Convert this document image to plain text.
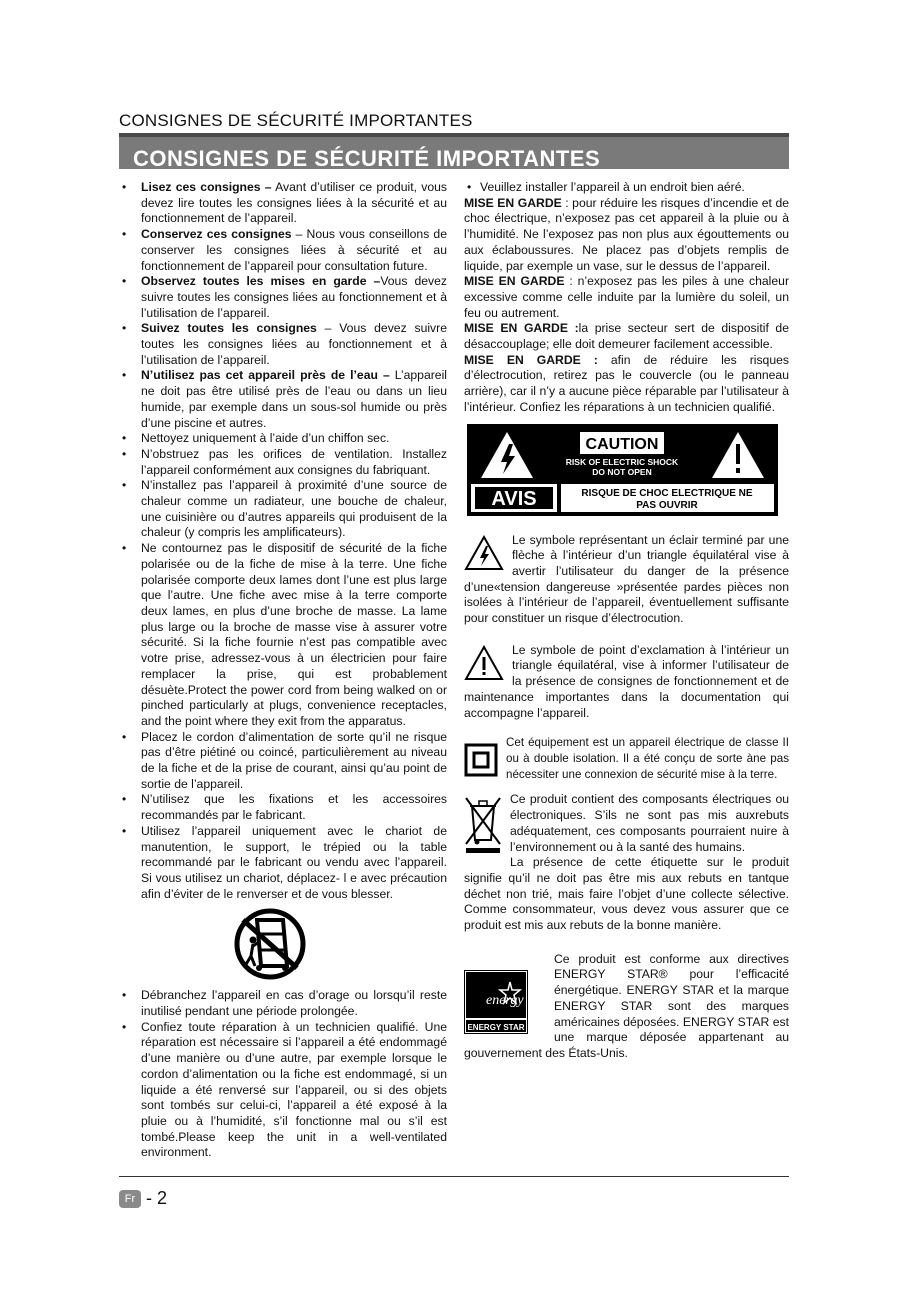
CONSIGNES DE SÉCURITÉ IMPORTANTES
CONSIGNES DE SÉCURITÉ IMPORTANTES
• Lisez ces consignes – Avant d’utiliser ce produit, vous devez lire toutes les consignes liées à la sécurité et au fonctionnement de l’appareil.
• Conservez ces consignes – Nous vous conseillons de conserver les consignes liées à sécurité et au fonctionnement de l’appareil pour consultation future.
• Observez toutes les mises en garde –Vous devez suivre toutes les consignes liées au fonctionnement et à l’utilisation de l’appareil.
• Suivez toutes les consignes – Vous devez suivre toutes les consignes liées au fonctionnement et à l’utilisation de l’appareil.
• N’utilisez pas cet appareil près de l’eau – L’appareil ne doit pas être utilisé près de l’eau ou dans un lieu humide, par exemple dans un sous-sol humide ou près d’une piscine et autres.
• Nettoyez uniquement à l’aide d’un chiffon sec.
• N’obstruez pas les orifices de ventilation. Installez l’appareil conformément aux consignes du fabriquant.
• N’installez pas l’appareil à proximité d’une source de chaleur comme un radiateur, une bouche de chaleur, une cuisinière ou d’autres appareils qui produisent de la chaleur (y compris les amplificateurs).
• Ne contournez pas le dispositif de sécurité de la fiche polarisée ou de la fiche de mise à la terre. Une fiche polarisée comporte deux lames dont l’une est plus large que l’autre. Une fiche avec mise à la terre comporte deux lames, en plus d’une broche de masse. La lame plus large ou la broche de masse vise à assurer votre sécurité. Si la fiche fournie n’est pas compatible avec votre prise, adressez-vous à un électricien pour faire remplacer la prise, qui est probablement désuète.Protect the power cord from being walked on or pinched particularly at plugs, convenience receptacles, and the point where they exit from the apparatus.
• Placez le cordon d’alimentation de sorte qu’il ne risque pas d’être piétiné ou coincé, particulièrement au niveau de la fiche et de la prise de courant, ainsi qu’au point de sortie de l’appareil.
• N’utilisez que les fixations et les accessoires recommandés par le fabricant.
• Utilisez l’appareil uniquement avec le chariot de manutention, le support, le trépied ou la table recommandé par le fabricant ou vendu avec l’appareil. Si vous utilisez un chariot, déplacez- l e avec précaution afin d’éviter de le renverser et de vous blesser.
• Débranchez l’appareil en cas d’orage ou lorsqu’il reste inutilisé pendant une période prolongée.
• Confiez toute réparation à un technicien qualifié. Une réparation est nécessaire si l’appareil a été endommagé d’une manière ou d’une autre, par exemple lorsque le cordon d’alimentation ou la fiche est endommagé, si un liquide a été renversé sur l’appareil, ou si des objets sont tombés sur celui-ci, l’appareil a été exposé à la pluie ou à l’humidité, s’il fonctionne mal ou s’il est tombé.Please keep the unit in a well-ventilated environment.
• Veuillez installer l’appareil à un endroit bien aéré.

MISE EN GARDE : pour réduire les risques d’incendie et de choc électrique, n’exposez pas cet appareil à la pluie ou à l’humidité. Ne l’exposez pas non plus aux égouttements ou aux éclaboussures. Ne placez pas d’objets remplis de liquide, par exemple un vase, sur le dessus de l’appareil.

MISE EN GARDE : n’exposez pas les piles à une chaleur excessive comme celle induite par la lumière du soleil, un feu ou autrement.

MISE EN GARDE :la prise secteur sert de dispositif de désaccouplage; elle doit demeurer facilement accessible.

MISE EN GARDE : afin de réduire les risques d’électrocution, retirez pas le couvercle (ou le panneau arrière), car il n’y a aucune pièce réparable par l’utilisateur à l’intérieur. Confiez les réparations à un technicien qualifié.

CAUTION
RISK OF ELECTRIC SHOCK
DO NOT OPEN
AVIS	RISQUE DE CHOC ELECTRIQUE NE
PAS OUVRIR

Le symbole représentant un éclair terminé par une flèche à l’intérieur d’un triangle équilatéral vise à avertir l’utilisateur du danger de la présence d’une«tension dangereuse »présentée pardes pièces non isolées à l’intérieur de l’appareil, éventuellement suffisante pour constituer un risque d’électrocution.

Le symbole de point d’exclamation à l’intérieur un triangle équilatéral, vise à informer l’utilisateur de la présence de consignes de fonctionnement et de maintenance importantes dans la documentation qui accompagne l’appareil.

Cet équipement est un appareil électrique de classe II ou à double isolation. Il a été conçu de sorte àne pas nécessiter une connexion de sécurité mise à la terre.

Ce produit contient des composants électriques ou électroniques. S’ils ne sont pas mis auxrebuts adéquatement, ces composants pourraient nuire à l’environnement ou à la santé des humains.

La présence de cette étiquette sur le produit signifie qu’il ne doit pas être mis aux rebuts en tantque déchet non trié, mais faire l’objet d’une collecte sélective. Comme consommateur, vous devez vous assurer que ce produit est mis aux rebuts de la bonne manière.

energy
ENERGY STAR

Ce produit est conforme aux directives ENERGY STAR® pour l’efficacité énergétique. ENERGY STAR et la marque ENERGY STAR sont des marques américaines déposées. ENERGY STAR est une marque déposée appartenant au gouvernement des États-Unis.

Fr - 2
